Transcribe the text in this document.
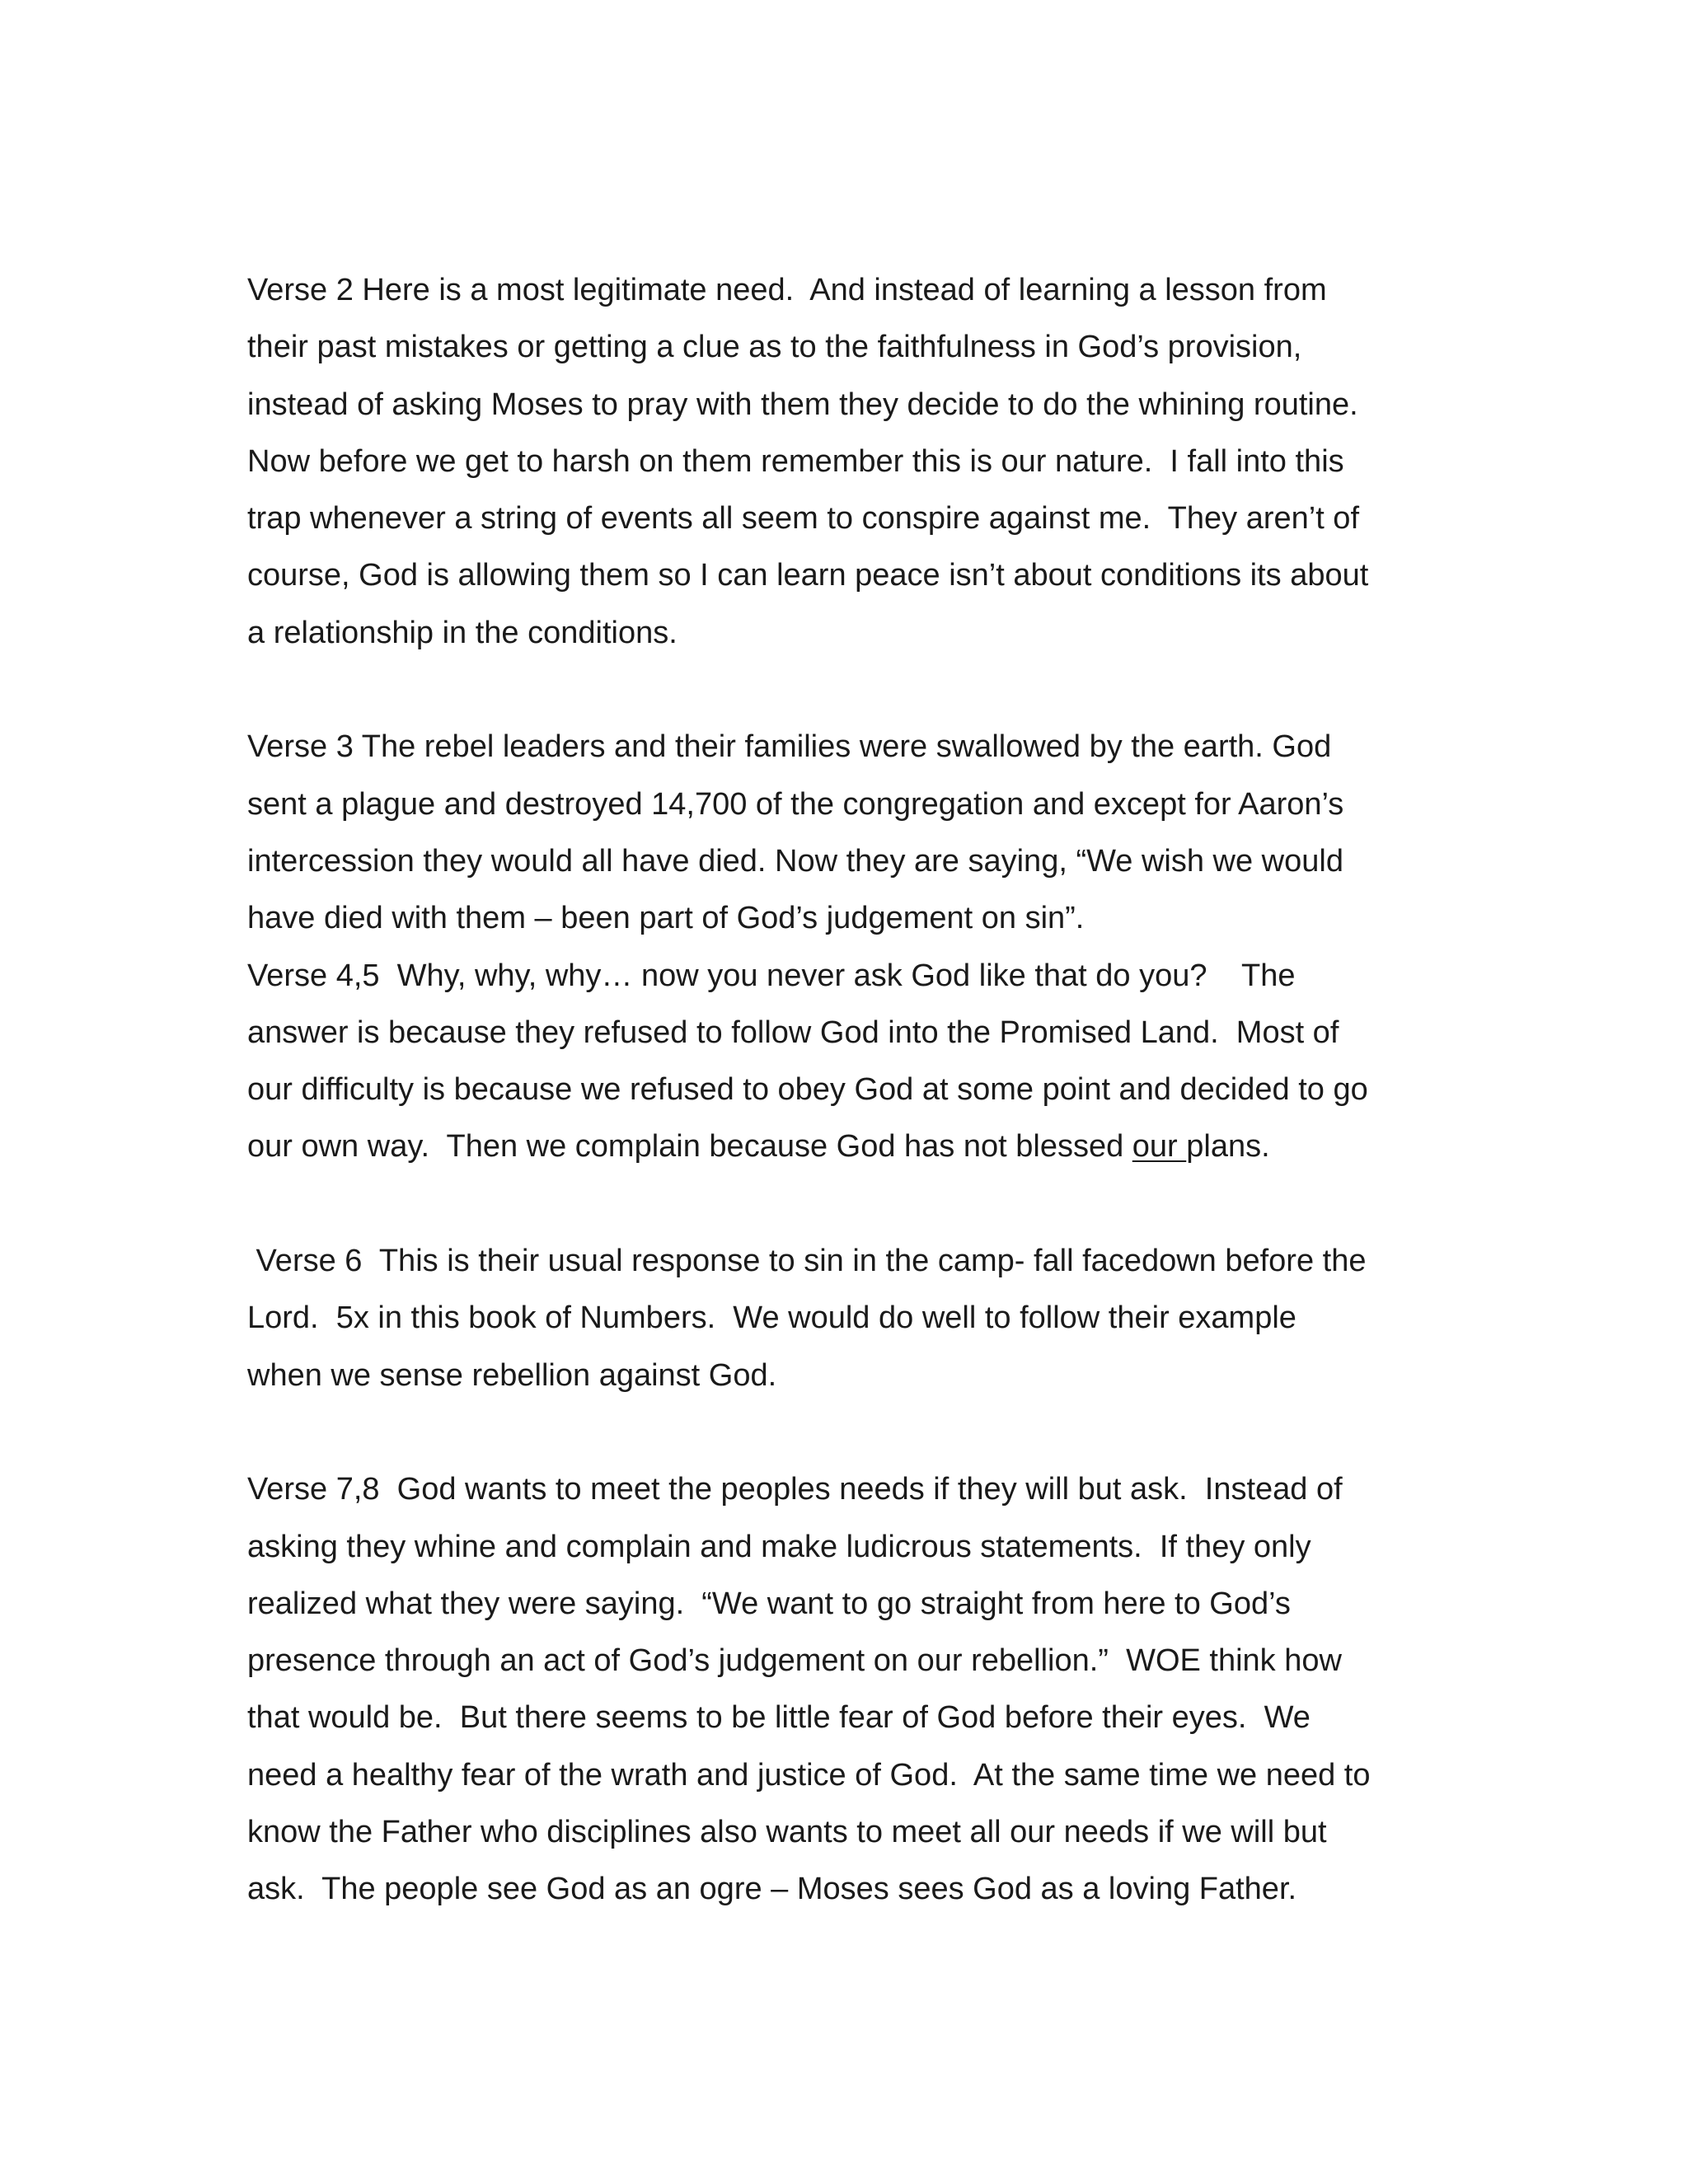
Verse 2 Here is a most legitimate need.  And instead of learning a lesson from
their past mistakes or getting a clue as to the faithfulness in God’s provision,
instead of asking Moses to pray with them they decide to do the whining routine.
Now before we get to harsh on them remember this is our nature.  I fall into this
trap whenever a string of events all seem to conspire against me.  They aren’t of
course, God is allowing them so I can learn peace isn’t about conditions its about
a relationship in the conditions.
Verse 3 The rebel leaders and their families were swallowed by the earth. God
sent a plague and destroyed 14,700 of the congregation and except for Aaron’s
intercession they would all have died. Now they are saying, “We wish we would
have died with them – been part of God’s judgement on sin”.
Verse 4,5  Why, why, why… now you never ask God like that do you?    The
answer is because they refused to follow God into the Promised Land.  Most of
our difficulty is because we refused to obey God at some point and decided to go
our own way.  Then we complain because God has not blessed our plans.
Verse 6  This is their usual response to sin in the camp- fall facedown before the
Lord.  5x in this book of Numbers.  We would do well to follow their example
when we sense rebellion against God.
Verse 7,8  God wants to meet the peoples needs if they will but ask.  Instead of
asking they whine and complain and make ludicrous statements.  If they only
realized what they were saying.  “We want to go straight from here to God’s
presence through an act of God’s judgement on our rebellion.”  WOE think how
that would be.  But there seems to be little fear of God before their eyes.  We
need a healthy fear of the wrath and justice of God.  At the same time we need to
know the Father who disciplines also wants to meet all our needs if we will but
ask.  The people see God as an ogre – Moses sees God as a loving Father.
